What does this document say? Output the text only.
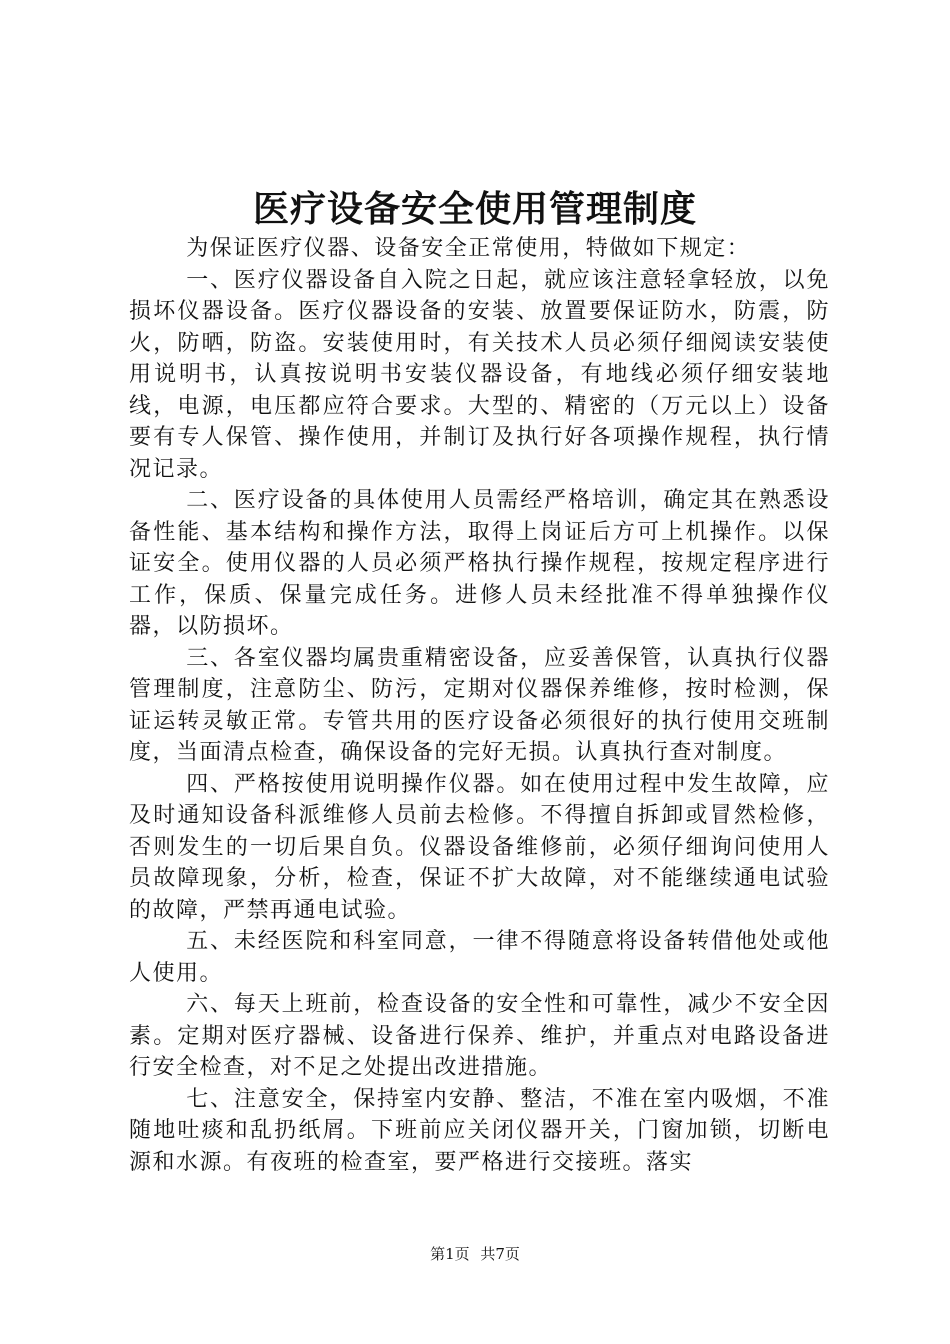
医疗设备安全使用管理制度

为保证医疗仪器、设备安全正常使用，特做如下规定：

一、医疗仪器设备自入院之日起，就应该注意轻拿轻放，以免损坏仪器设备。医疗仪器设备的安装、放置要保证防水，防震，防火，防晒，防盗。安装使用时，有关技术人员必须仔细阅读安装使用说明书，认真按说明书安装仪器设备，有地线必须仔细安装地线，电源，电压都应符合要求。大型的、精密的（万元以上）设备要有专人保管、操作使用，并制订及执行好各项操作规程，执行情况记录。

二、医疗设备的具体使用人员需经严格培训，确定其在熟悉设备性能、基本结构和操作方法，取得上岗证后方可上机操作。以保证安全。使用仪器的人员必须严格执行操作规程，按规定程序进行工作，保质、保量完成任务。进修人员未经批准不得单独操作仪器，以防损坏。

三、各室仪器均属贵重精密设备，应妥善保管，认真执行仪器管理制度，注意防尘、防污，定期对仪器保养维修，按时检测，保证运转灵敏正常。专管共用的医疗设备必须很好的执行使用交班制度，当面清点检查，确保设备的完好无损。认真执行查对制度。

四、严格按使用说明操作仪器。如在使用过程中发生故障，应及时通知设备科派维修人员前去检修。不得擅自拆卸或冒然检修，否则发生的一切后果自负。仪器设备维修前，必须仔细询问使用人员故障现象，分析，检查，保证不扩大故障，对不能继续通电试验的故障，严禁再通电试验。

五、未经医院和科室同意，一律不得随意将设备转借他处或他人使用。

六、每天上班前，检查设备的安全性和可靠性，减少不安全因素。定期对医疗器械、设备进行保养、维护，并重点对电路设备进行安全检查，对不足之处提出改进措施。

七、注意安全，保持室内安静、整洁，不准在室内吸烟，不准随地吐痰和乱扔纸屑。下班前应关闭仪器开关，门窗加锁，切断电源和水源。有夜班的检查室，要严格进行交接班。落实

第1页 共7页
